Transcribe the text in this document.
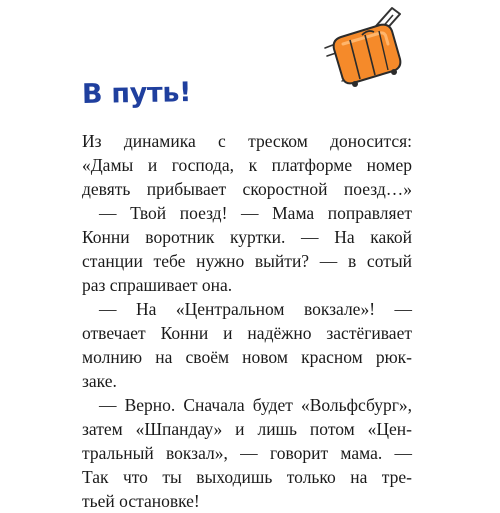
В путь!
Из динамика с треском доносится:
«Дамы и господа, к платформе номер
девять прибывает скоростной поезд…»
— Твой поезд! — Мама поправляет
Конни воротник куртки. — На какой
станции тебе нужно выйти? — в сотый
раз спрашивает она.
— На «Центральном вокзале»! —
отвечает Конни и надёжно застёгивает
молнию на своём новом красном рюк-
заке.
— Верно. Сначала будет «Вольфсбург»,
затем «Шпандау» и лишь потом «Цен-
тральный вокзал», — говорит мама. —
Так что ты выходишь только на тре-
тьей остановке!
